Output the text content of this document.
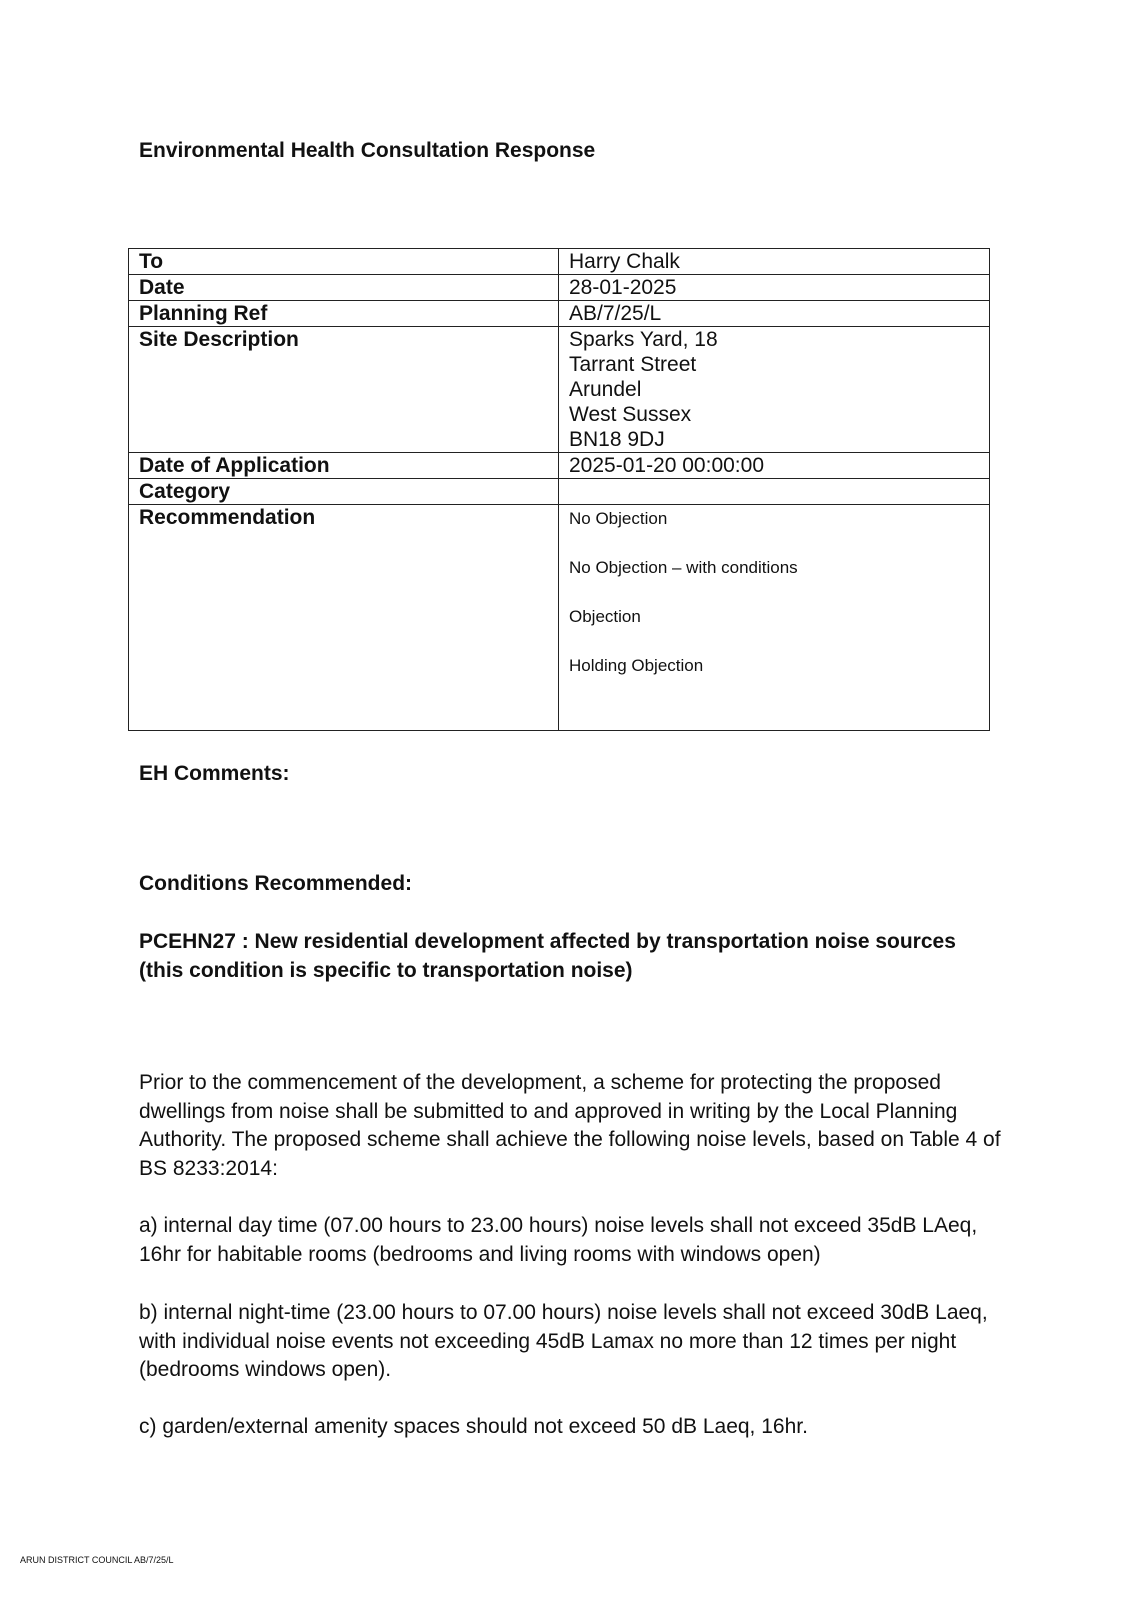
Environmental Health Consultation Response
To	Harry Chalk
Date	28-01-2025
Planning Ref	AB/7/25/L
Site Description	Sparks Yard, 18
Tarrant Street
Arundel
West Sussex
BN18 9DJ

Date of Application	2025-01-20 00:00:00
Category	
Recommendation	No Objection
No Objection – with conditions
Objection
Holding Objection
EH Comments:
Conditions Recommended:
PCEHN27 : New residential development affected by transportation noise sources (this condition is specific to transportation noise)

Prior to the commencement of the development, a scheme for protecting the proposed dwellings from noise shall be submitted to and approved in writing by the Local Planning Authority. The proposed scheme shall achieve the following noise levels, based on Table 4 of BS 8233:2014:

a) internal day time (07.00 hours to 23.00 hours) noise levels shall not exceed 35dB LAeq, 16hr for habitable rooms (bedrooms and living rooms with windows open)

b) internal night-time (23.00 hours to 07.00 hours) noise levels shall not exceed 30dB Laeq, with individual noise events not exceeding 45dB Lamax no more than 12 times per night (bedrooms windows open).

c) garden/external amenity spaces should not exceed 50 dB Laeq, 16hr.

ARUN DISTRICT COUNCIL AB/7/25/L
